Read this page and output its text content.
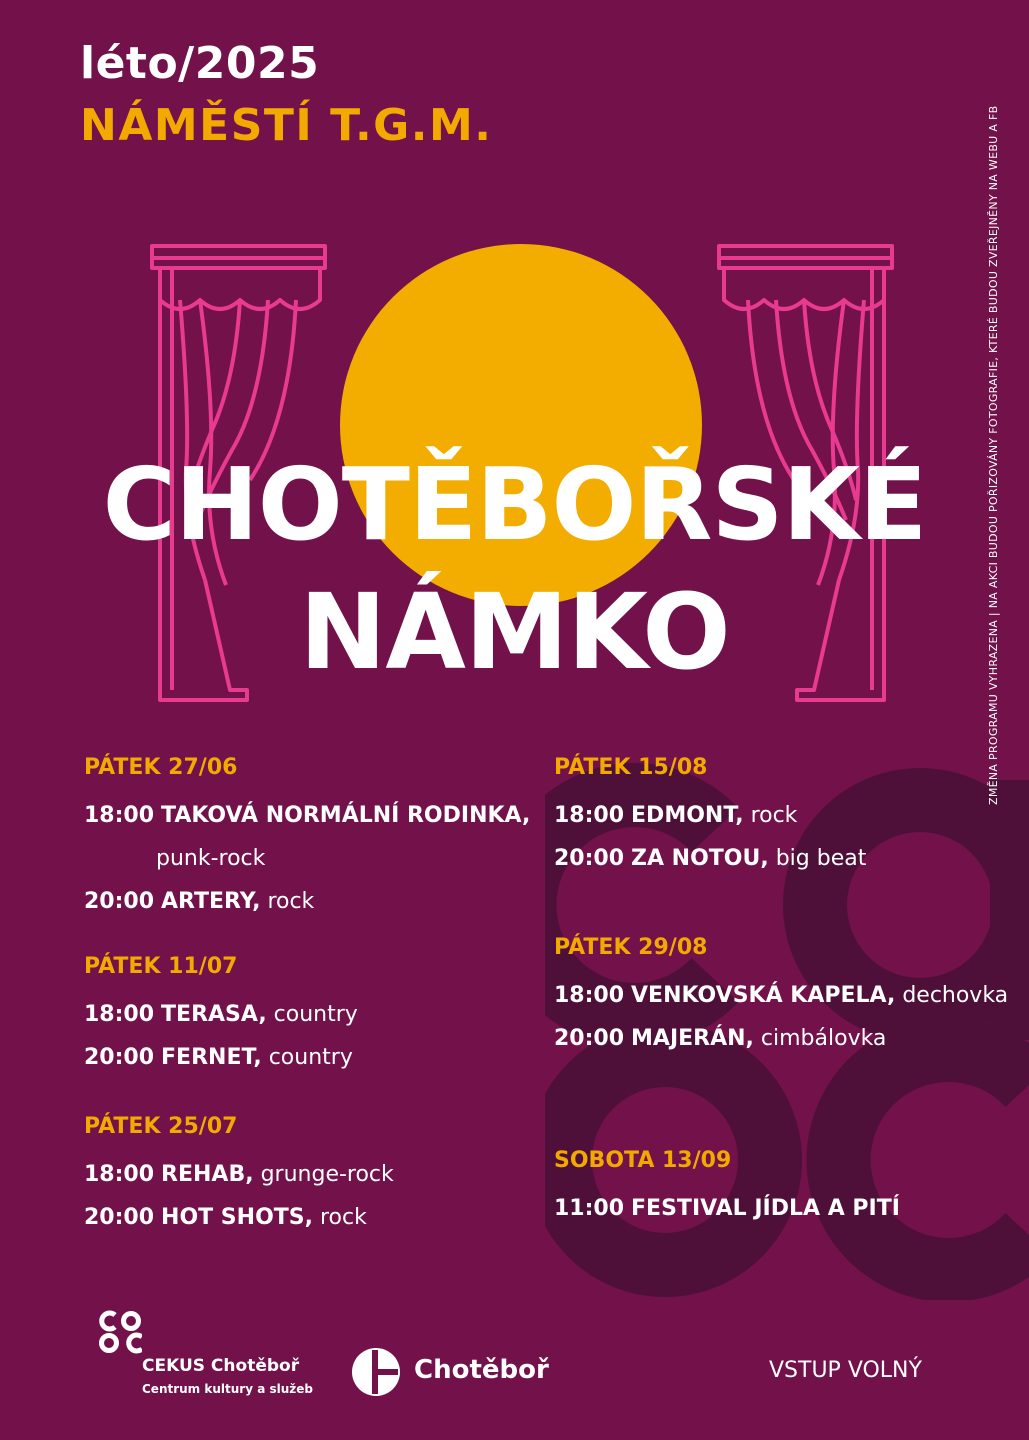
léto/2025
NÁMĚSTÍ T.G.M.	ZMĚNA PROGRAMU VYHRAZENA | NA AKCI BUDOU POŘIZOVÁNY FOTOGRAFIE, KTERÉ BUDOU ZVEŘEJNĚNY NA WEBU A FB
CHOTĚBOŘSKÉ
NÁMKO
PÁTEK 27/06
18:00 TAKOVÁ NORMÁLNÍ RODINKA,
punk-rock
20:00 ARTERY, rock
PÁTEK 11/07
18:00 TERASA, country
20:00 FERNET, country
PÁTEK 25/07
18:00 REHAB, grunge-rock
20:00 HOT SHOTS, rock
PÁTEK 15/08
18:00 EDMONT, rock
20:00 ZA NOTOU, big beat
PÁTEK 29/08
18:00 VENKOVSKÁ KAPELA, dechovka
20:00 MAJERÁN, cimbálovka
SOBOTA 13/09
11:00 FESTIVAL JÍDLA A PITÍ
CEKUS Chotěboř
Centrum kultury a služeb
Chotěboř	VSTUP VOLNÝ
